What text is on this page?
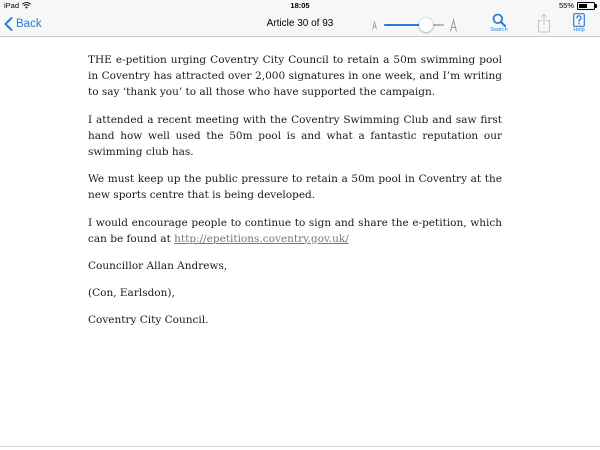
iPad	18:05	55%
Back	Article 30 of 93
Search	Help

THE e-petition urging Coventry City Council to retain a 50m swimming pool in Coventry has attracted over 2,000 signatures in one week, and I’m writing to say ‘thank you’ to all those who have supported the campaign.

I attended a recent meeting with the Coventry Swimming Club and saw first hand how well used the 50m pool is and what a fantastic reputation our swimming club has.

We must keep up the public pressure to retain a 50m pool in Coventry at the new sports centre that is being developed.

I would encourage people to continue to sign and share the e-petition, which can be found at http://epetitions.coventry.gov.uk/

Councillor Allan Andrews,

(Con, Earlsdon),

Coventry City Council.
